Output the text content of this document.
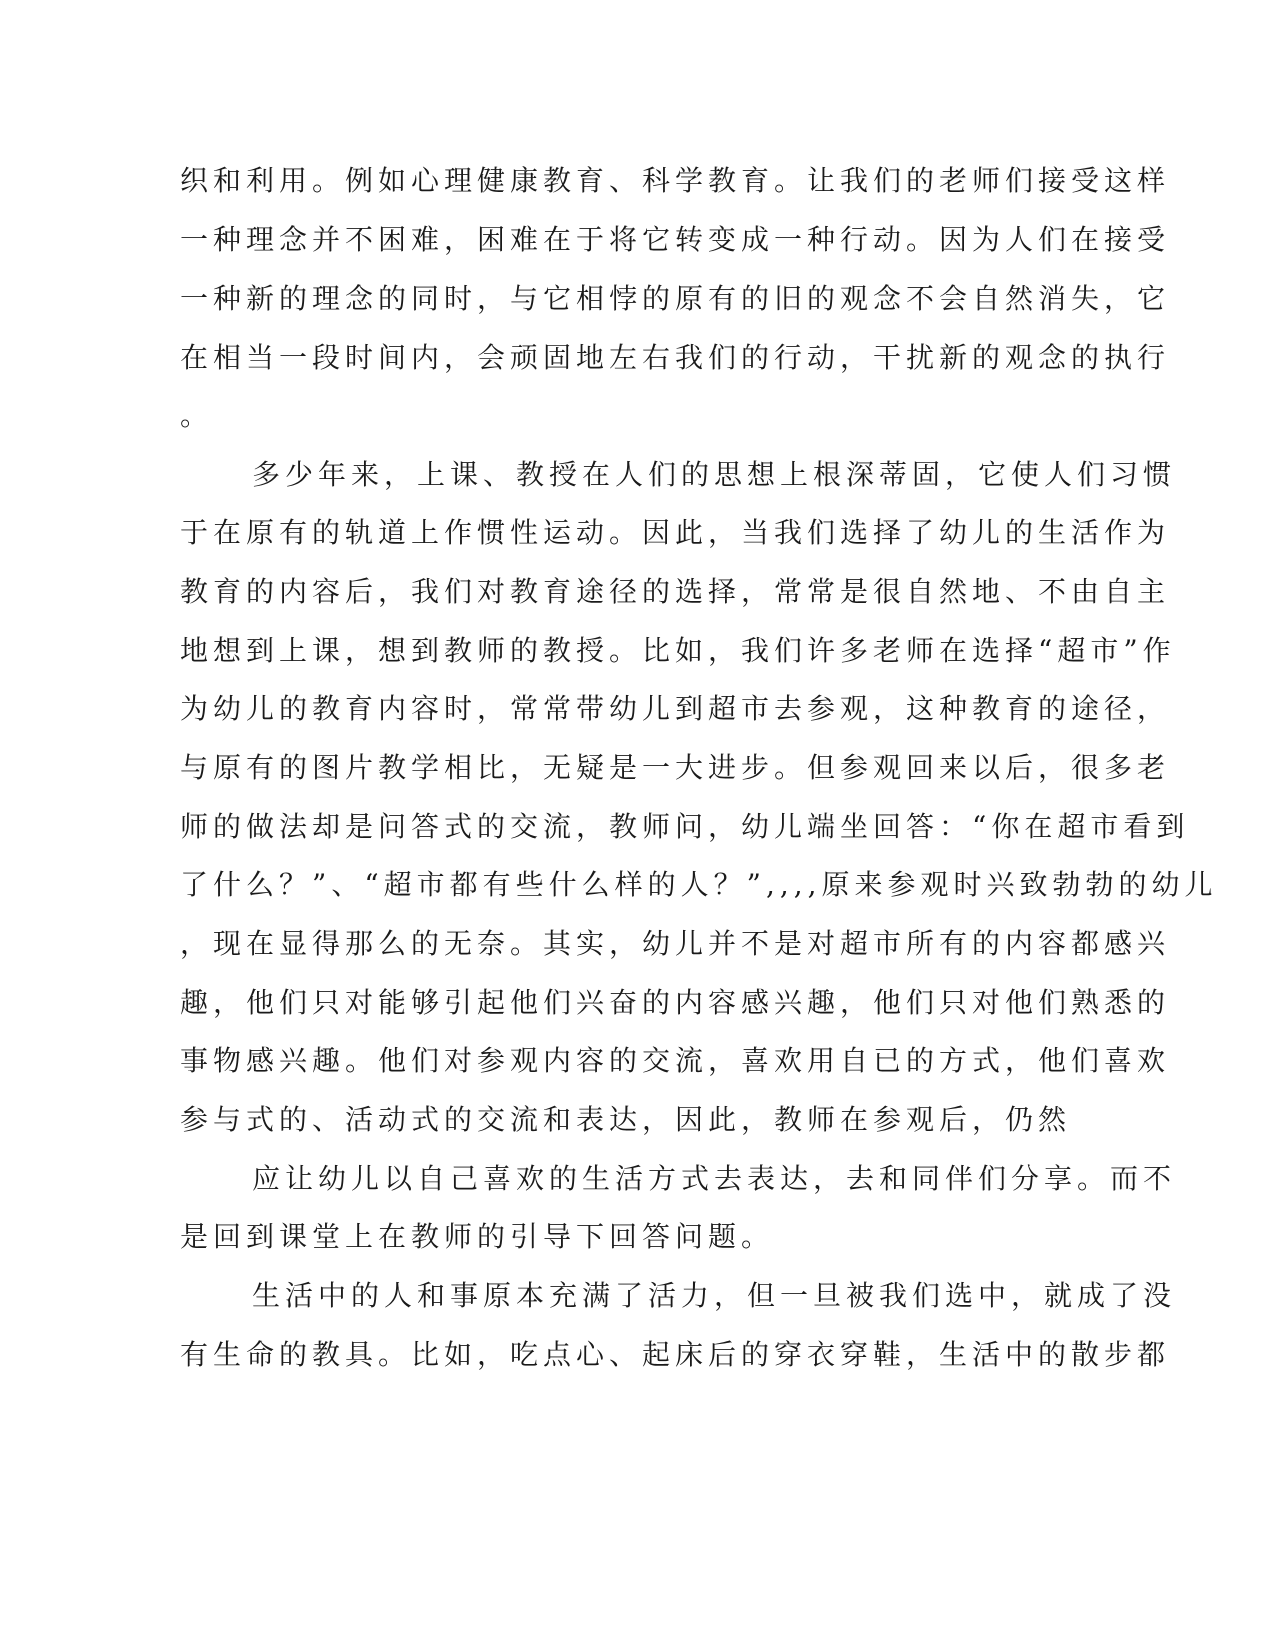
织和利用。例如心理健康教育、科学教育。让我们的老师们接受这样
一种理念并不困难，困难在于将它转变成一种行动。因为人们在接受
一种新的理念的同时，与它相悖的原有的旧的观念不会自然消失，它
在相当一段时间内，会顽固地左右我们的行动，干扰新的观念的执行
。
多少年来，上课、教授在人们的思想上根深蒂固，它使人们习惯
于在原有的轨道上作惯性运动。因此，当我们选择了幼儿的生活作为
教育的内容后，我们对教育途径的选择，常常是很自然地、不由自主
地想到上课，想到教师的教授。比如，我们许多老师在选择“超市”作
为幼儿的教育内容时，常常带幼儿到超市去参观，这种教育的途径，
与原有的图片教学相比，无疑是一大进步。但参观回来以后，很多老
师的做法却是问答式的交流，教师问，幼儿端坐回答：“你在超市看到
了什么？”、“超市都有些什么样的人？”,,,,原来参观时兴致勃勃的幼儿
，现在显得那么的无奈。其实，幼儿并不是对超市所有的内容都感兴
趣，他们只对能够引起他们兴奋的内容感兴趣，他们只对他们熟悉的
事物感兴趣。他们对参观内容的交流，喜欢用自已的方式，他们喜欢
参与式的、活动式的交流和表达，因此，教师在参观后，仍然
应让幼儿以自己喜欢的生活方式去表达，去和同伴们分享。而不
是回到课堂上在教师的引导下回答问题。
生活中的人和事原本充满了活力，但一旦被我们选中，就成了没
有生命的教具。比如，吃点心、起床后的穿衣穿鞋，生活中的散步都
